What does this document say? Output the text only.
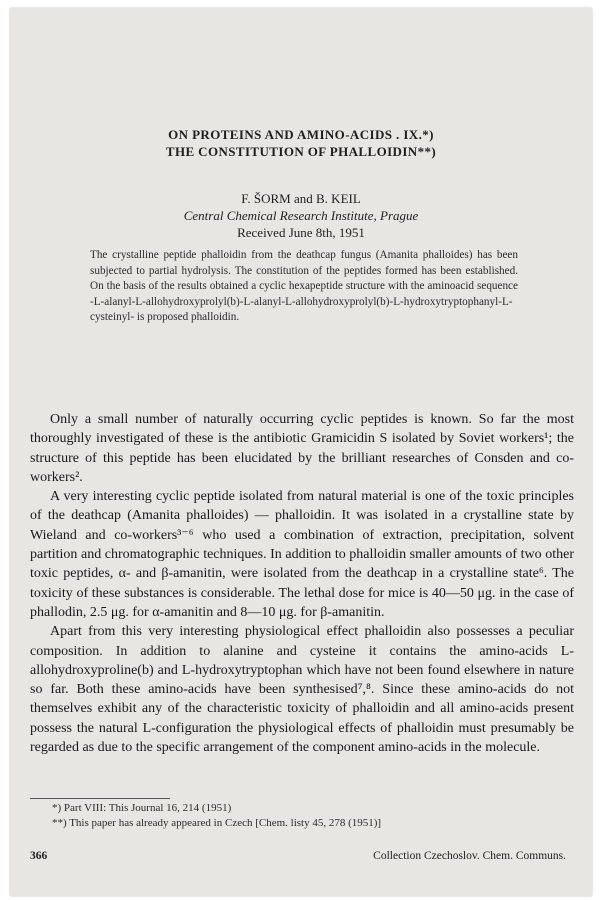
ON PROTEINS AND AMINO-ACIDS . IX.*)
THE CONSTITUTION OF PHALLOIDIN**)
F. ŠORM and B. KEIL
Central Chemical Research Institute, Prague
Received June 8th, 1951
The crystalline peptide phalloidin from the deathcap fungus (Amanita phalloides) has been subjected to partial hydrolysis. The constitution of the peptides formed has been established. On the basis of the results obtained a cyclic hexapeptide structure with the aminoacid sequence -L-alanyl-L-allohydroxyprolyl(b)-L-alanyl-L-allohydroxyprolyl(b)-L-hydroxytryptophanyl-L-cysteinyl- is proposed phalloidin.

Only a small number of naturally occurring cyclic peptides is known. So far the most thoroughly investigated of these is the antibiotic Gramicidin S isolated by Soviet workers¹; the structure of this peptide has been elucidated by the brilliant researches of Consden and co-workers².

A very interesting cyclic peptide isolated from natural material is one of the toxic principles of the deathcap (Amanita phalloides) — phalloidin. It was isolated in a crystalline state by Wieland and co-workers³⁻⁶ who used a combination of extraction, precipitation, solvent partition and chromatographic techniques. In addition to phalloidin smaller amounts of two other toxic peptides, α- and β-amanitin, were isolated from the deathcap in a crystalline state⁶. The toxicity of these substances is considerable. The lethal dose for mice is 40—50 μg. in the case of phallodin, 2.5 μg. for α-amanitin and 8—10 μg. for β-amanitin.

Apart from this very interesting physiological effect phalloidin also possesses a peculiar composition. In addition to alanine and cysteine it contains the amino-acids L-allohydroxyproline(b) and L-hydroxytryptophan which have not been found elsewhere in nature so far. Both these amino-acids have been synthesised⁷,⁸. Since these amino-acids do not themselves exhibit any of the characteristic toxicity of phalloidin and all amino-acids present possess the natural L-configuration the physiological effects of phalloidin must presumably be regarded as due to the specific arrangement of the component amino-acids in the molecule.

*) Part VIII: This Journal 16, 214 (1951)
**) This paper has already appeared in Czech [Chem. listy 45, 278 (1951)]
366	Collection Czechoslov. Chem. Communs.
